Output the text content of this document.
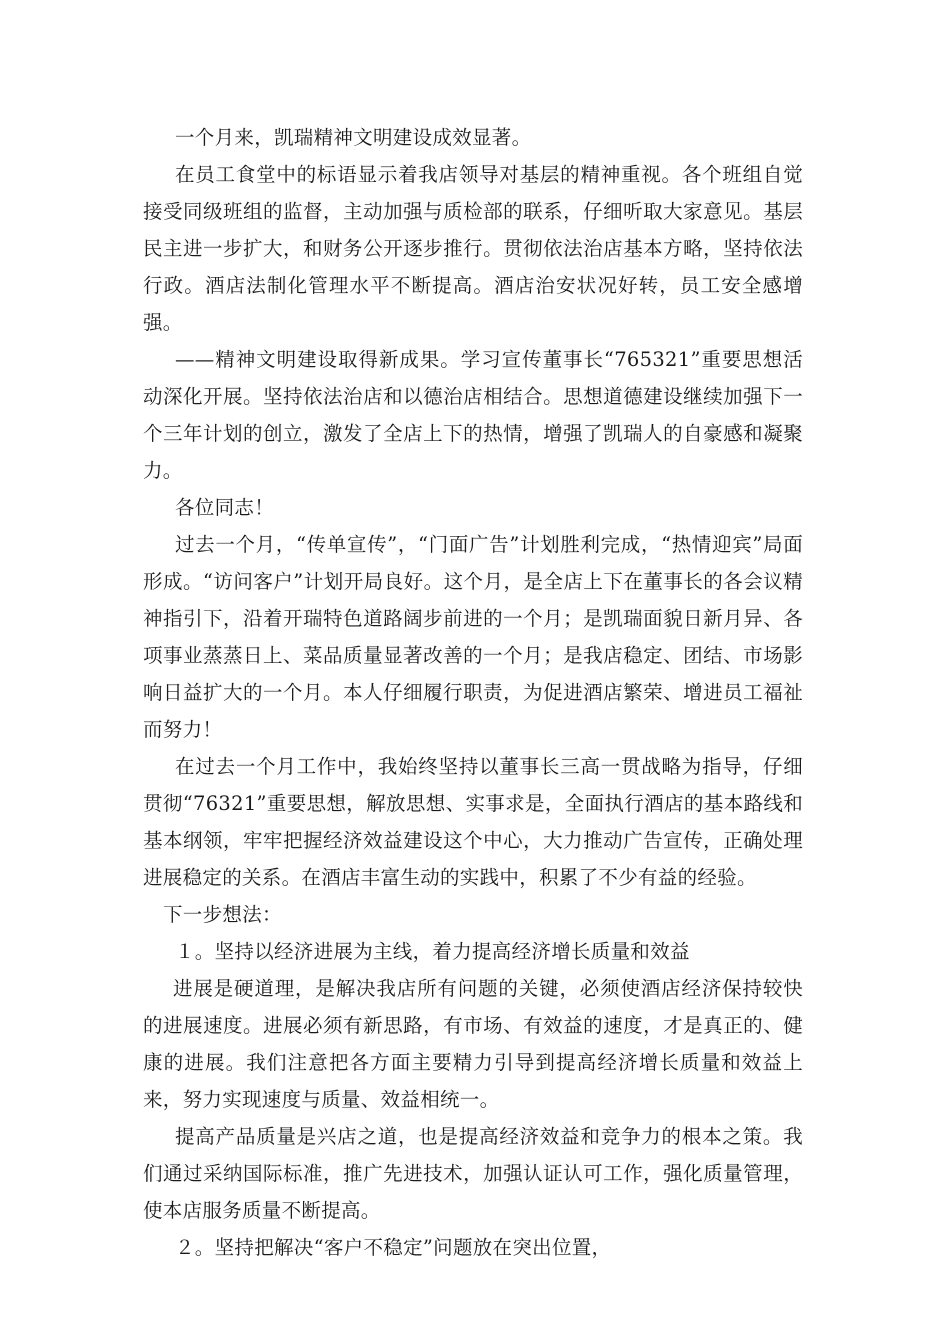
一个月来，凯瑞精神文明建设成效显著。

在员工食堂中的标语显示着我店领导对基层的精神重视。各个班组自觉接受同级班组的监督，主动加强与质检部的联系，仔细听取大家意见。基层民主进一步扩大，和财务公开逐步推行。贯彻依法治店基本方略，坚持依法行政。酒店法制化管理水平不断提高。酒店治安状况好转，员工安全感增强。

——精神文明建设取得新成果。学习宣传董事长“765321”重要思想活动深化开展。坚持依法治店和以德治店相结合。思想道德建设继续加强下一个三年计划的创立，激发了全店上下的热情，增强了凯瑞人的自豪感和凝聚力。

各位同志！

过去一个月，“传单宣传”，“门面广告”计划胜利完成，“热情迎宾”局面形成。“访问客户”计划开局良好。这个月，是全店上下在董事长的各会议精神指引下，沿着开瑞特色道路阔步前进的一个月；是凯瑞面貌日新月异、各项事业蒸蒸日上、菜品质量显著改善的一个月；是我店稳定、团结、市场影响日益扩大的一个月。本人仔细履行职责，为促进酒店繁荣、增进员工福祉而努力！

在过去一个月工作中，我始终坚持以董事长三高一贯战略为指导，仔细贯彻“76321”重要思想，解放思想、实事求是，全面执行酒店的基本路线和基本纲领，牢牢把握经济效益建设这个中心，大力推动广告宣传，正确处理进展稳定的关系。在酒店丰富生动的实践中，积累了不少有益的经验。

下一步想法：

１。坚持以经济进展为主线，着力提高经济增长质量和效益

进展是硬道理，是解决我店所有问题的关键，必须使酒店经济保持较快的进展速度。进展必须有新思路，有市场、有效益的速度，才是真正的、健康的进展。我们注意把各方面主要精力引导到提高经济增长质量和效益上来，努力实现速度与质量、效益相统一。

提高产品质量是兴店之道，也是提高经济效益和竞争力的根本之策。我们通过采纳国际标准，推广先进技术，加强认证认可工作，强化质量管理，使本店服务质量不断提高。

２。坚持把解决“客户不稳定”问题放在突出位置，
